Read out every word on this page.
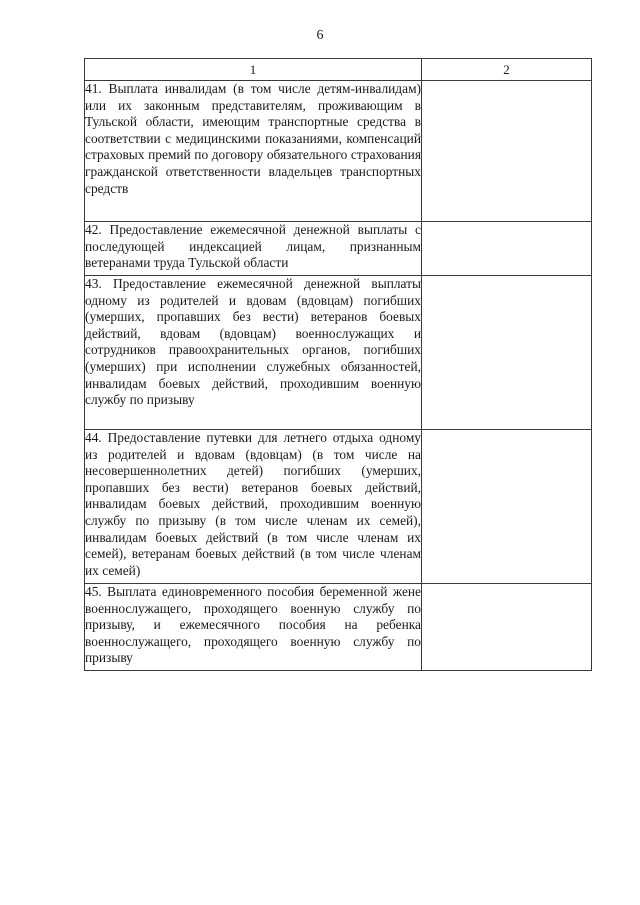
6
1	2
41. Выплата инвалидам (в том числе детям-инвалидам) или их законным представителям, проживающим в Тульской области, имеющим транспортные средства в соответствии с медицинскими показаниями, компенсаций страховых премий по договору обязательного страхования гражданской ответственности владельцев транспортных средств	
42. Предоставление ежемесячной денежной выплаты с последующей индексацией лицам, признанным ветеранами труда Тульской области	
43. Предоставление ежемесячной денежной выплаты одному из родителей и вдовам (вдовцам) погибших (умерших, пропавших без вести) ветеранов боевых действий, вдовам (вдовцам) военнослужащих и сотрудников правоохранительных органов, погибших (умерших) при исполнении служебных обязанностей, инвалидам боевых действий, проходившим военную службу по призыву	
44. Предоставление путевки для летнего отдыха одному из родителей и вдовам (вдовцам) (в том числе на несовершеннолетних детей) погибших (умерших, пропавших без вести) ветеранов боевых действий, инвалидам боевых действий, проходившим военную службу по призыву (в том числе членам их семей), инвалидам боевых действий (в том числе членам их семей), ветеранам боевых действий (в том числе членам их семей)	
45. Выплата единовременного пособия беременной жене военнослужащего, проходящего военную службу по призыву, и ежемесячного пособия на ребенка военнослужащего, проходящего военную службу по призыву	
